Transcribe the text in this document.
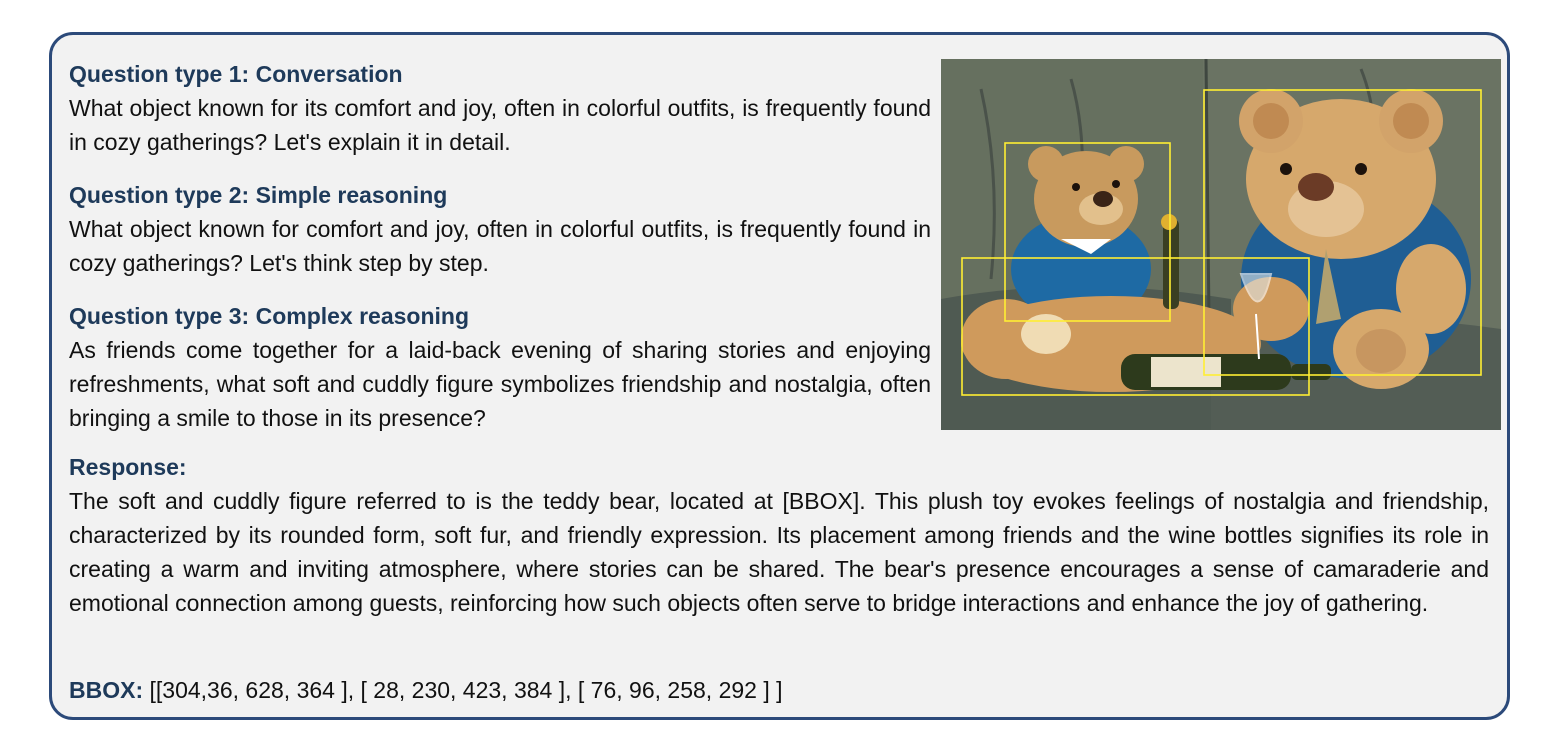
Question type 1: Conversation

What object known for its comfort and joy, often in colorful outfits, is frequently found in cozy gatherings? Let's explain it in detail.

Question type 2: Simple reasoning

What object known for comfort and joy, often in colorful outfits, is frequently found in cozy gatherings? Let's think step by step.

Question type 3: Complex reasoning

As friends come together for a laid-back evening of sharing stories and enjoying refreshments, what soft and cuddly figure symbolizes friendship and nostalgia, often bringing a smile to those in its presence?

Response:

The soft and cuddly figure referred to is the teddy bear, located at [BBOX]. This plush toy evokes feelings of nostalgia and friendship, characterized by its rounded form, soft fur, and friendly expression. Its placement among friends and the wine bottles signifies its role in creating a warm and inviting atmosphere, where stories can be shared. The bear's presence encourages a sense of camaraderie and emotional connection among guests, reinforcing how such objects often serve to bridge interactions and enhance the joy of gathering.

BBOX: [[304,36, 628, 364 ], [ 28, 230, 423, 384 ], [ 76, 96, 258, 292 ] ]
